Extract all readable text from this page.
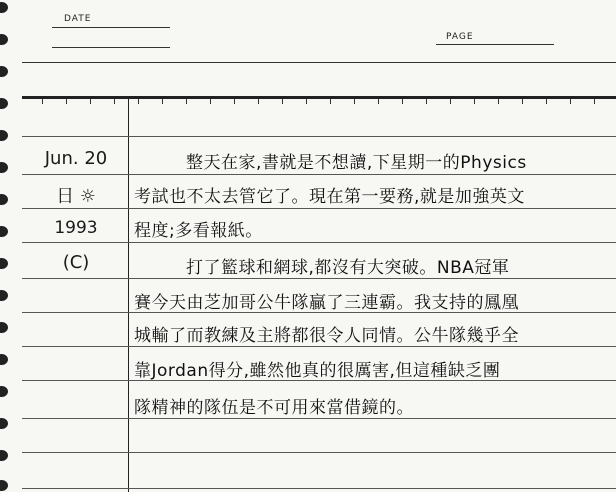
DATE
PAGE
Jun. 20
日 ☼
1993
(C)
整天在家,書就是不想讀,下星期一的Physics
考試也不太去管它了。現在第一要務,就是加強英文
程度;多看報紙。
打了籃球和網球,都沒有大突破。NBA冠軍
賽今天由芝加哥公牛隊贏了三連霸。我支持的鳳凰
城輸了而教練及主將都很令人同情。公牛隊幾乎全
靠Jordan得分,雖然他真的很厲害,但這種缺乏團
隊精神的隊伍是不可用來當借鏡的。
